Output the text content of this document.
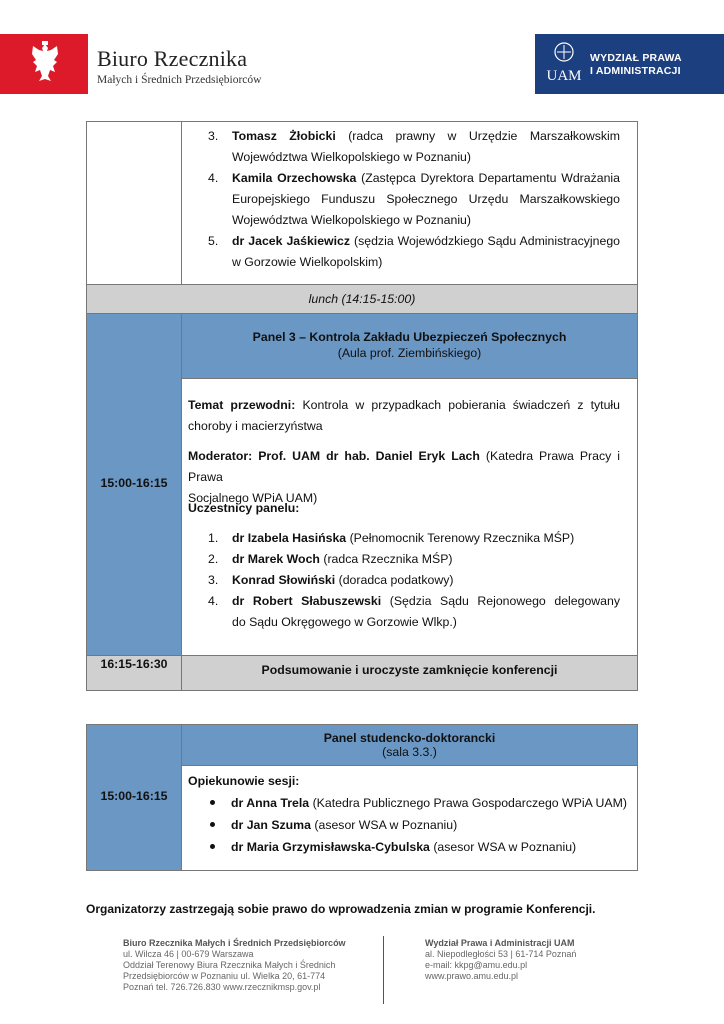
Biuro Rzecznika
Małych i Średnich Przedsiębiorców	UAM
WYDZIAŁ PRAWA
I ADMINISTRACJI
3. Tomasz Żłobicki (radca prawny w Urzędzie Marszałkowskim
Województwa Wielkopolskiego w Poznaniu)
4. Kamila Orzechowska (Zastępca Dyrektora Departamentu Wdrażania
Europejskiego Funduszu Społecznego Urzędu Marszałkowskiego
Województwa Wielkopolskiego w Poznaniu)
5. dr Jacek Jaśkiewicz (sędzia Wojewódzkiego Sądu Administracyjnego
w Gorzowie Wielkopolskim)
lunch (14:15-15:00)
15:00-16:15
Panel 3 – Kontrola Zakładu Ubezpieczeń Społecznych
(Aula prof. Ziembińskiego)
Temat przewodni: Kontrola w przypadkach pobierania świadczeń z tytułu
choroby i macierzyństwa
Moderator: Prof. UAM dr hab. Daniel Eryk Lach (Katedra Prawa Pracy i Prawa
Socjalnego WPiA UAM)
Uczestnicy panelu:
1. dr Izabela Hasińska (Pełnomocnik Terenowy Rzecznika MŚP)
2. dr Marek Woch (radca Rzecznika MŚP)
3. Konrad Słowiński (doradca podatkowy)
4. dr Robert Słabuszewski (Sędzia Sądu Rejonowego delegowany
do Sądu Okręgowego w Gorzowie Wlkp.)
16:15-16:30	Podsumowanie i uroczyste zamknięcie konferencji
15:00-16:15
Panel studencko-doktorancki
(sala 3.3.)
Opiekunowie sesji:
dr Anna Trela (Katedra Publicznego Prawa Gospodarczego WPiA UAM)
dr Jan Szuma (asesor WSA w Poznaniu)
dr Maria Grzymisławska-Cybulska (asesor WSA w Poznaniu)
Organizatorzy zastrzegają sobie prawo do wprowadzenia zmian w programie Konferencji.
Biuro Rzecznika Małych i Średnich Przedsiębiorców
ul. Wilcza 46 | 00-679 Warszawa
Oddział Terenowy Biura Rzecznika Małych i Średnich
Przedsiębiorców w Poznaniu ul. Wielka 20, 61-774
Poznań tel. 726.726.830 www.rzecznikmsp.gov.pl
Wydział Prawa i Administracji UAM
al. Niepodległości 53 | 61-714 Poznań
e-mail: kkpg@amu.edu.pl
www.prawo.amu.edu.pl
